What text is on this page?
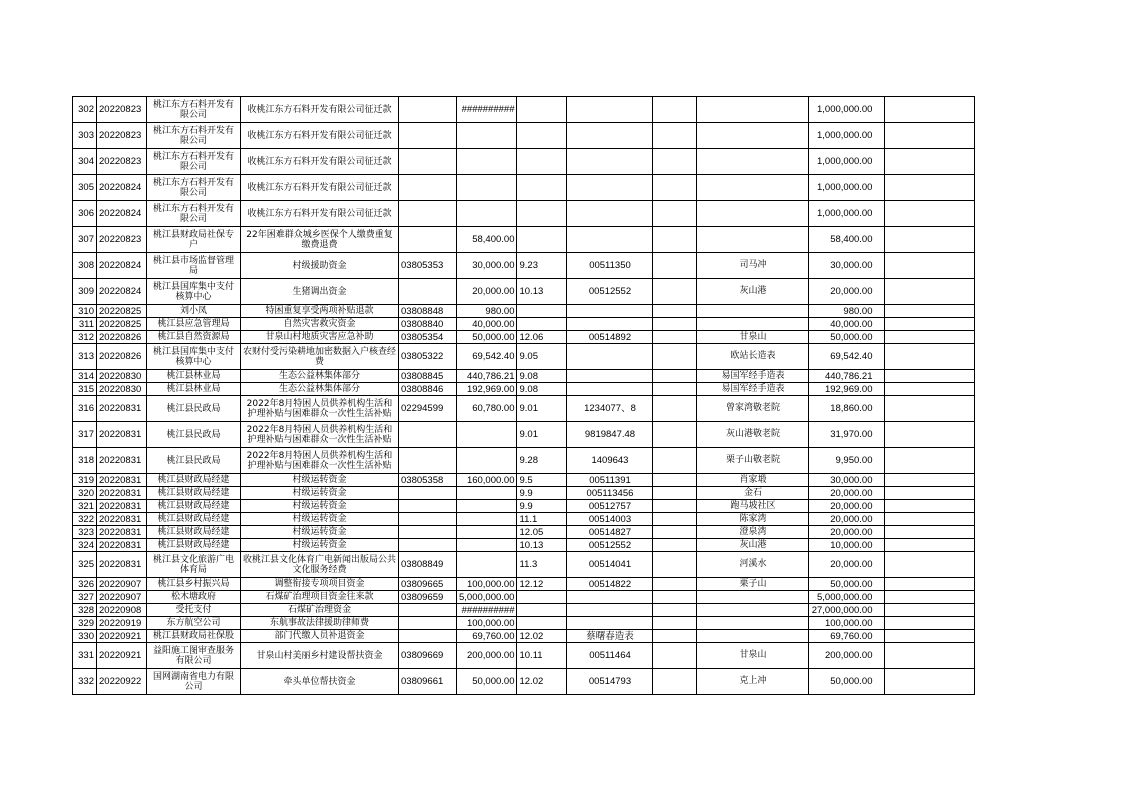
302	20220823	桃江东方石料开发有限公司	收桃江东方石料开发有限公司征迁款		##########					1,000,000.00	
303	20220823	桃江东方石料开发有限公司	收桃江东方石料开发有限公司征迁款							1,000,000.00	
304	20220823	桃江东方石料开发有限公司	收桃江东方石料开发有限公司征迁款							1,000,000.00	
305	20220824	桃江东方石料开发有限公司	收桃江东方石料开发有限公司征迁款							1,000,000.00	
306	20220824	桃江东方石料开发有限公司	收桃江东方石料开发有限公司征迁款							1,000,000.00	
307	20220823	桃江县财政局社保专户	22年困难群众城乡医保个人缴费重复缴费退费		58,400.00					58,400.00	
308	20220824	桃江县市场监督管理局	村级援助资金	03805353	30,000.00	9.23	00511350		司马冲	30,000.00	
309	20220824	桃江县国库集中支付核算中心	生猪调出资金		20,000.00	10.13	00512552		灰山港	20,000.00	
310	20220825	刘小凤	特困重复享受两项补贴退款	03808848	980.00					980.00	
311	20220825	桃江县应急管理局	自然灾害救灾资金	03808840	40,000.00					40,000.00	
312	20220826	桃江县自然资源局	甘泉山村地质灾害应急补助	03805354	50,000.00	12.06	00514892		甘泉山	50,000.00	
313	20220826	桃江县国库集中支付核算中心	农财付受污染耕地加密数据入户核查经费	03805322	69,542.40	9.05			欧站长造表	69,542.40	
314	20220830	桃江县林业局	生态公益林集体部分	03808845	440,786.21	9.08			易国军经手造表	440,786.21	
315	20220830	桃江县林业局	生态公益林集体部分	03808846	192,969.00	9.08			易国军经手造表	192,969.00	
316	20220831	桃江县民政局	2022年8月特困人员供养机构生活和护理补贴与困难群众一次性生活补贴	02294599	60,780.00	9.01	1234077、8		曾家湾敬老院	18,860.00	
317	20220831	桃江县民政局	2022年8月特困人员供养机构生活和护理补贴与困难群众一次性生活补贴			9.01	9819847.48		灰山港敬老院	31,970.00	
318	20220831	桃江县民政局	2022年8月特困人员供养机构生活和护理补贴与困难群众一次性生活补贴			9.28	1409643		栗子山敬老院	9,950.00	
319	20220831	桃江县财政局经建	村级运转资金	03805358	160,000.00	9.5	00511391		肖家塅	30,000.00	
320	20220831	桃江县财政局经建	村级运转资金			9.9	005113456		金石	20,000.00	
321	20220831	桃江县财政局经建	村级运转资金			9.9	00512757		跑马坡社区	20,000.00	
322	20220831	桃江县财政局经建	村级运转资金			11.1	00514003		陈家湾	20,000.00	
323	20220831	桃江县财政局经建	村级运转资金			12.05	00514827		澄泉湾	20,000.00	
324	20220831	桃江县财政局经建	村级运转资金			10.13	00512552		灰山港	10,000.00	
325	20220831	桃江县文化旅游广电体育局	收桃江县文化体育广电新闻出版局公共文化服务经费	03808849		11.3	00514041		河溪水	20,000.00	
326	20220907	桃江县乡村振兴局	调整衔接专项项目资金	03809665	100,000.00	12.12	00514822		栗子山	50,000.00	
327	20220907	松木塘政府	石煤矿治理项目资金往来款	03809659	5,000,000.00					5,000,000.00	
328	20220908	受托支付	石煤矿治理资金		##########					27,000,000.00	
329	20220919	东方航空公司	东航事故法律援助律师费		100,000.00					100,000.00	
330	20220921	桃江县财政局社保股	部门代缴人员补退资金		69,760.00	12.02	蔡曙春造表			69,760.00	
331	20220921	益阳施工图审查服务有限公司	甘泉山村美丽乡村建设帮扶资金	03809669	200,000.00	10.11	00511464		甘泉山	200,000.00	
332	20220922	国网湖南省电力有限公司	牵头单位帮扶资金	03809661	50,000.00	12.02	00514793		克上冲	50,000.00	
